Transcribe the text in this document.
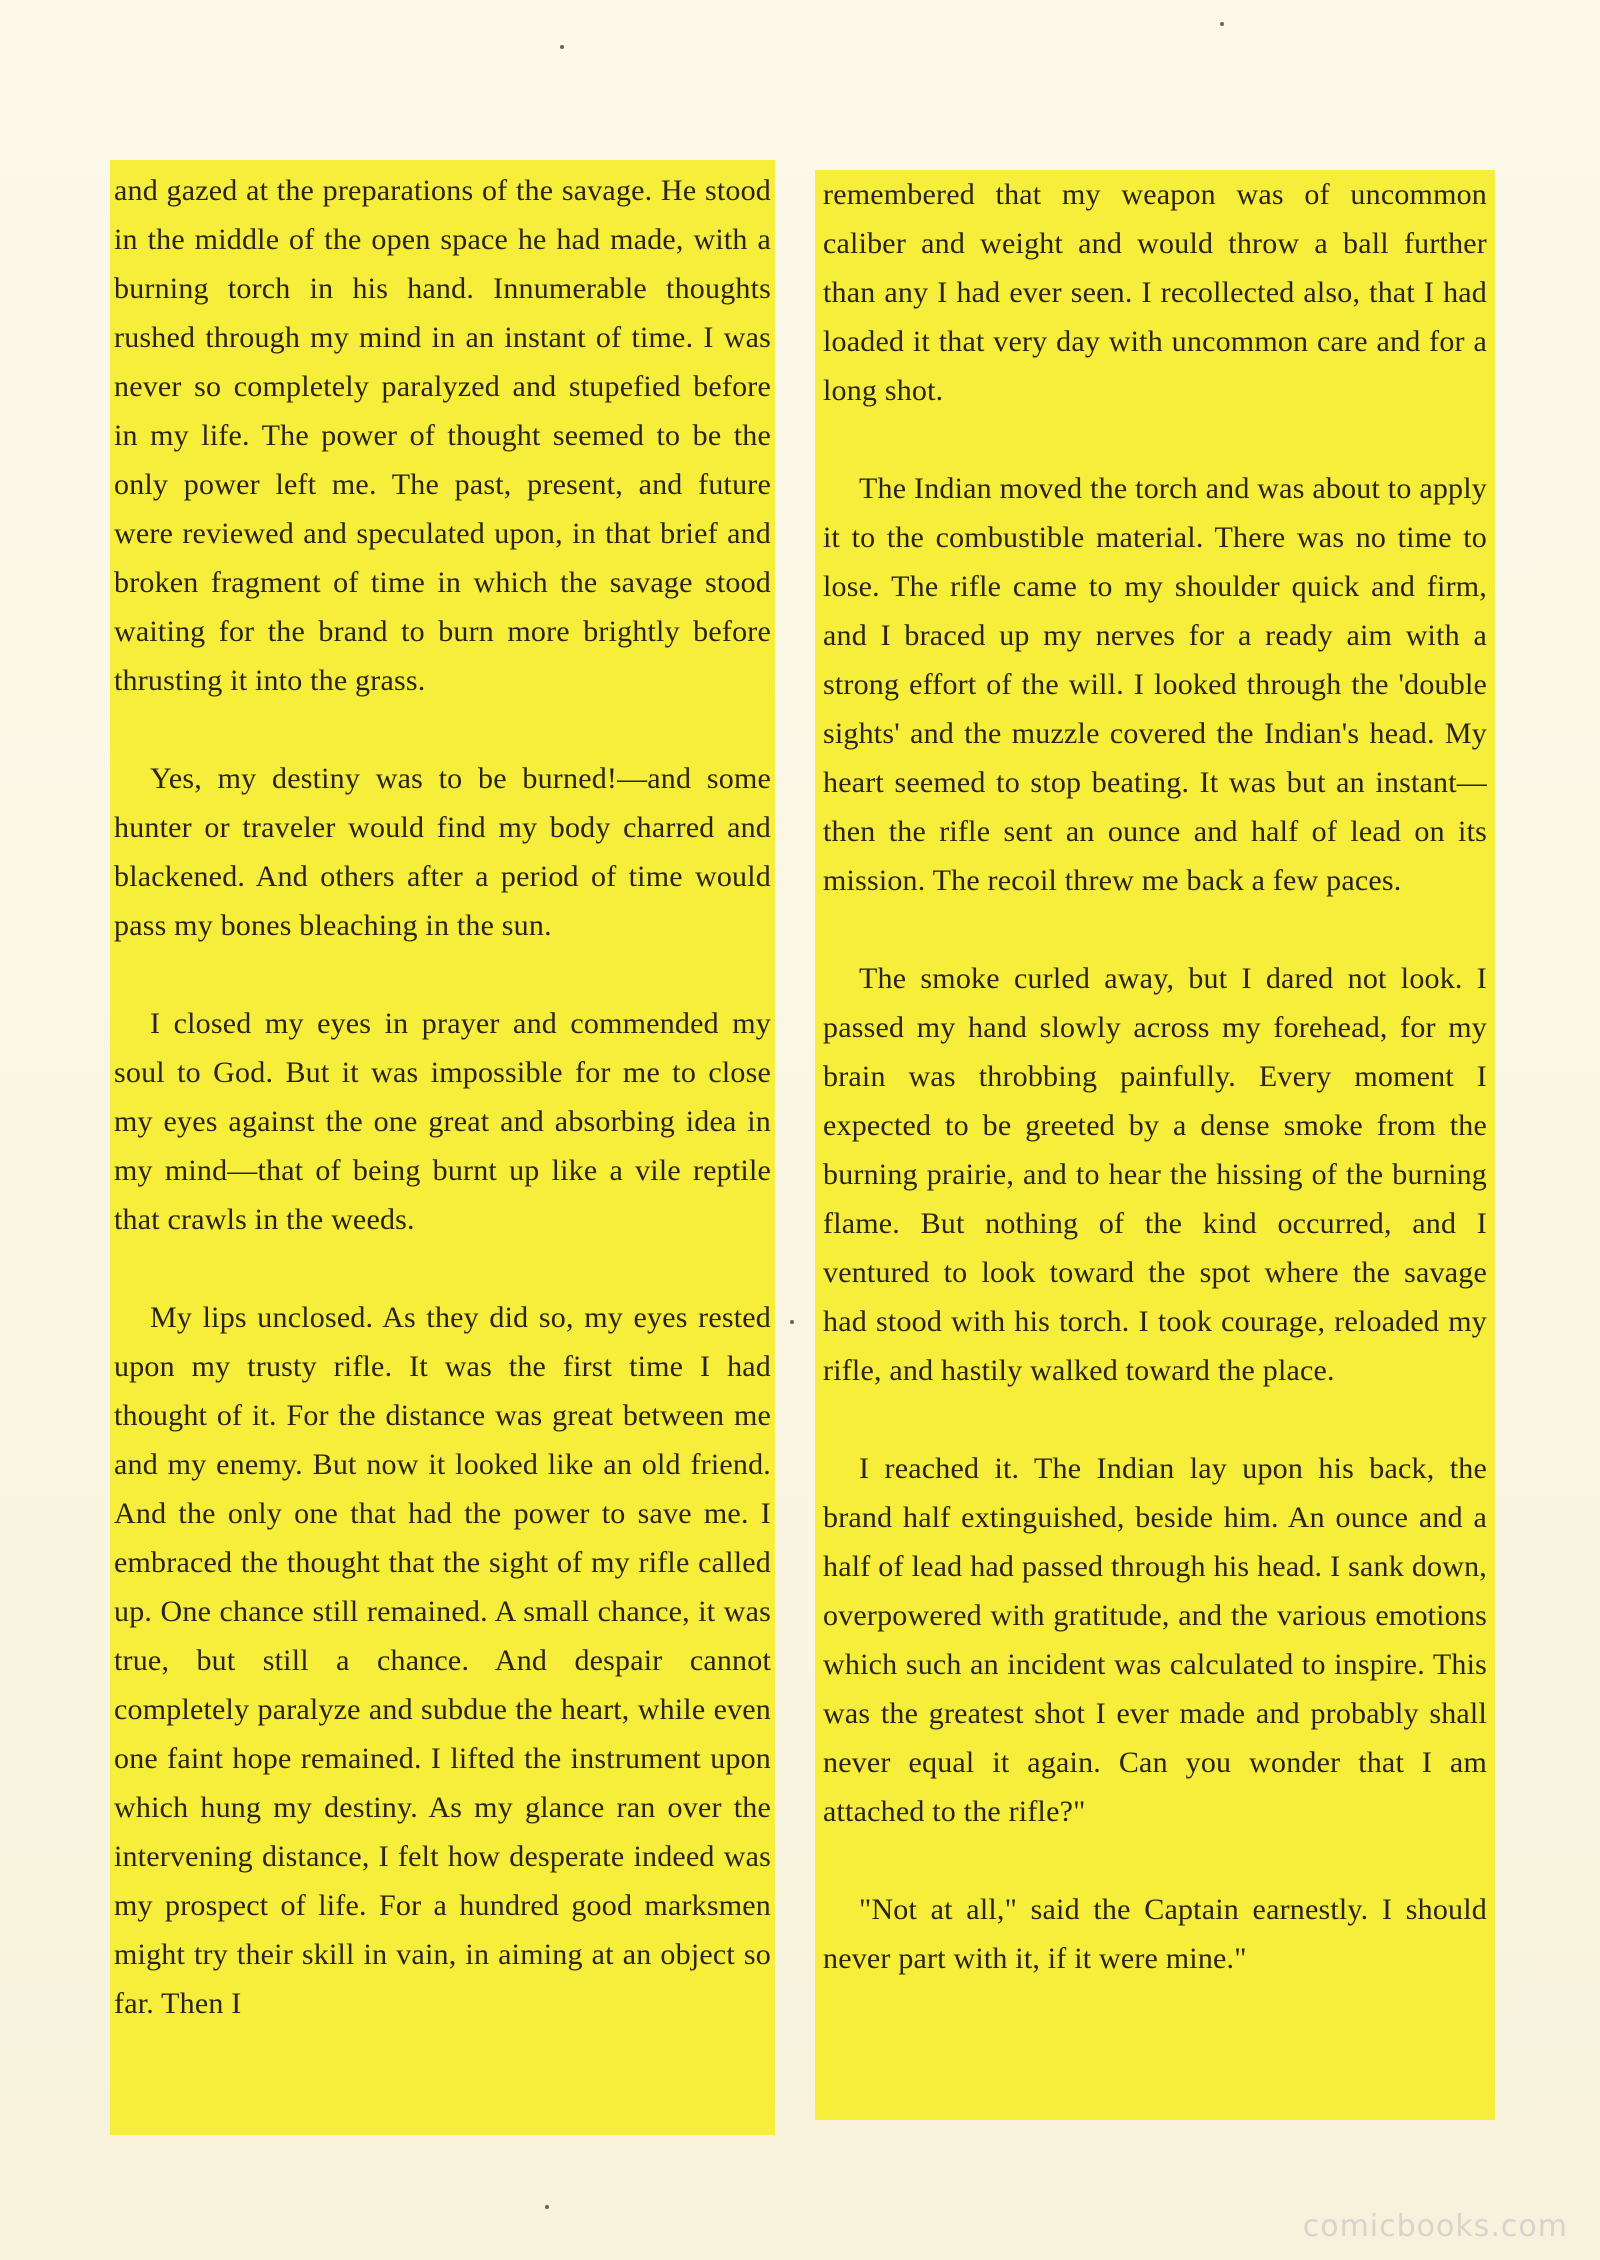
and gazed at the preparations of the savage. He stood in the middle of the open space he had made, with a burning torch in his hand. Innumerable thoughts rushed through my mind in an instant of time. I was never so completely paralyzed and stupefied before in my life. The power of thought seemed to be the only power left me. The past, present, and future were reviewed and speculated upon, in that brief and broken fragment of time in which the savage stood waiting for the brand to burn more brightly before thrusting it into the grass.

Yes, my destiny was to be burned!—and some hunter or traveler would find my body charred and blackened. And others after a period of time would pass my bones bleaching in the sun.

I closed my eyes in prayer and commended my soul to God. But it was impossible for me to close my eyes against the one great and absorbing idea in my mind—that of being burnt up like a vile reptile that crawls in the weeds.

My lips unclosed. As they did so, my eyes rested upon my trusty rifle. It was the first time I had thought of it. For the distance was great between me and my enemy. But now it looked like an old friend. And the only one that had the power to save me. I embraced the thought that the sight of my rifle called up. One chance still remained. A small chance, it was true, but still a chance. And despair cannot completely paralyze and subdue the heart, while even one faint hope remained. I lifted the instrument upon which hung my destiny. As my glance ran over the intervening distance, I felt how desperate indeed was my prospect of life. For a hundred good marksmen might try their skill in vain, in aiming at an object so far. Then I

remembered that my weapon was of uncommon caliber and weight and would throw a ball further than any I had ever seen. I recollected also, that I had loaded it that very day with uncommon care and for a long shot.

The Indian moved the torch and was about to apply it to the combustible material. There was no time to lose. The rifle came to my shoulder quick and firm, and I braced up my nerves for a ready aim with a strong effort of the will. I looked through the 'double sights' and the muzzle covered the Indian's head. My heart seemed to stop beating. It was but an instant—then the rifle sent an ounce and half of lead on its mission. The recoil threw me back a few paces.

The smoke curled away, but I dared not look. I passed my hand slowly across my forehead, for my brain was throbbing painfully. Every moment I expected to be greeted by a dense smoke from the burning prairie, and to hear the hissing of the burning flame. But nothing of the kind occurred, and I ventured to look toward the spot where the savage had stood with his torch. I took courage, reloaded my rifle, and hastily walked toward the place.

I reached it. The Indian lay upon his back, the brand half extinguished, beside him. An ounce and a half of lead had passed through his head. I sank down, overpowered with gratitude, and the various emotions which such an incident was calculated to inspire. This was the greatest shot I ever made and probably shall never equal it again. Can you wonder that I am attached to the rifle?"

"Not at all," said the Captain earnestly. I should never part with it, if it were mine."

comicbooks.com
